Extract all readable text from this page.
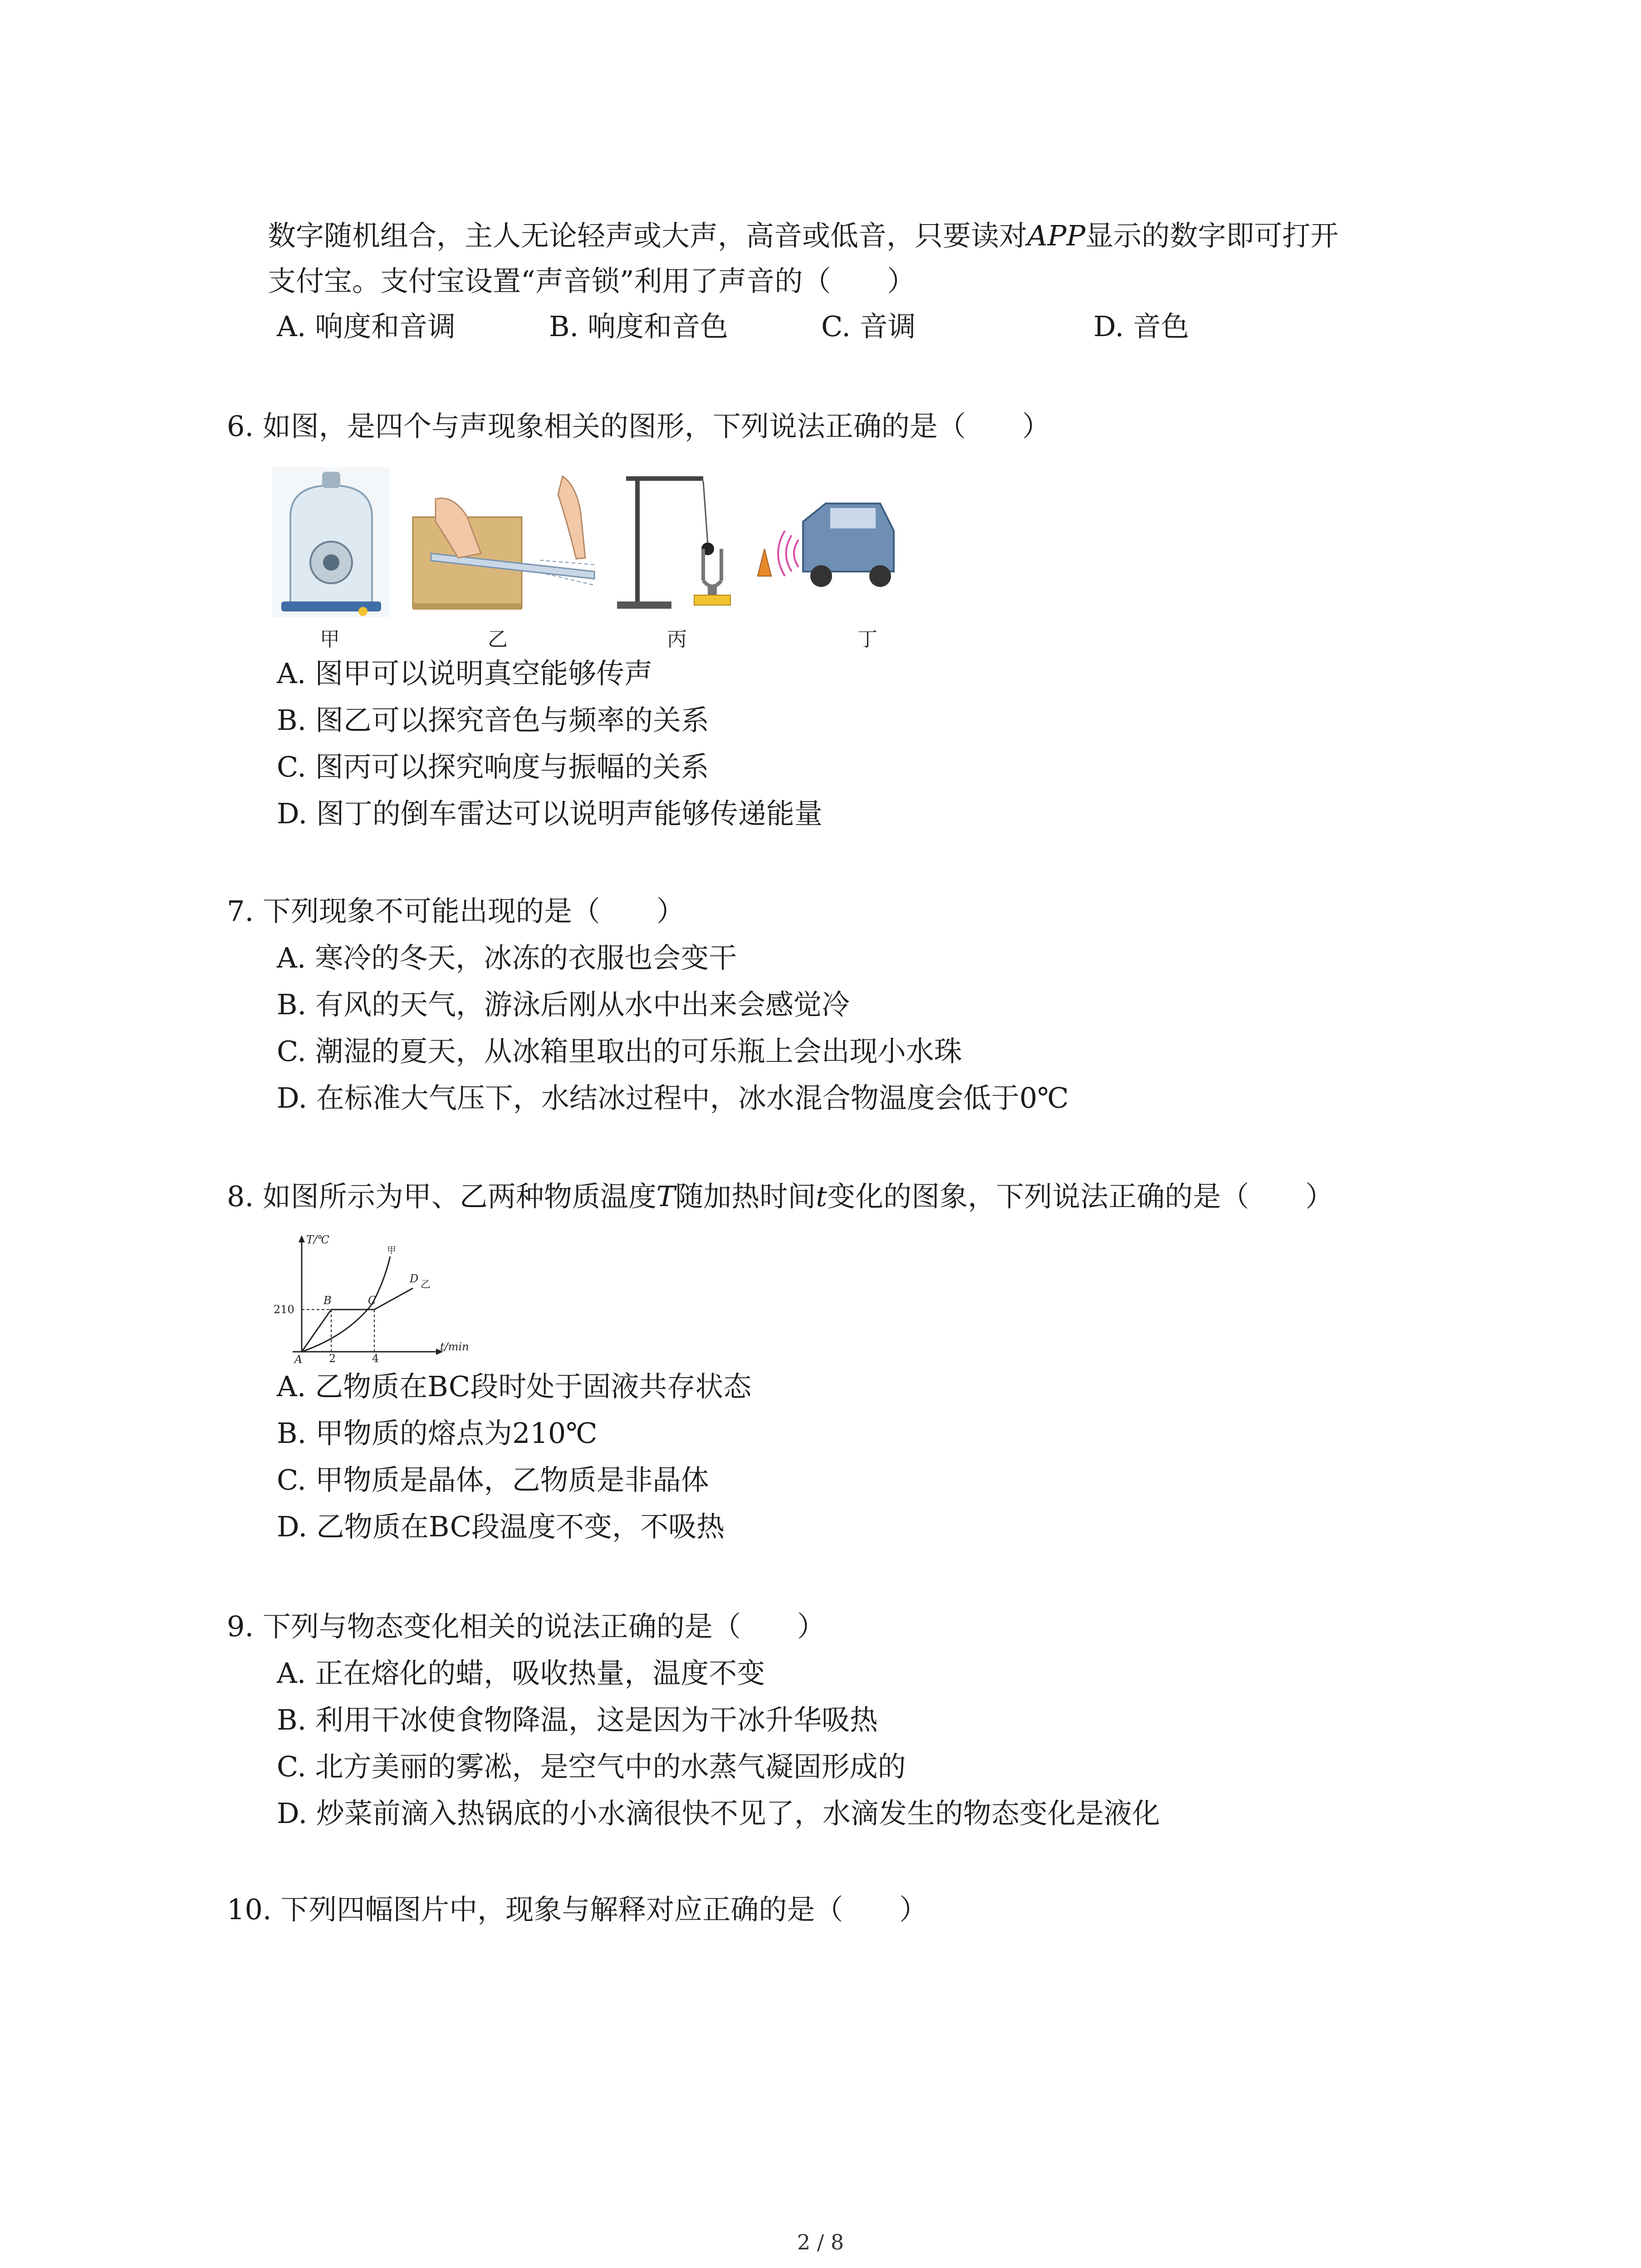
数字随机组合，主人无论轻声或大声，高音或低音，只要读对APP显示的数字即可打开
支付宝。支付宝设置“声音锁”利用了声音的（　　）
A. 响度和音调	B. 响度和音色	C. 音调	D. 音色
6. 如图，是四个与声现象相关的图形，下列说法正确的是（　　）
甲	乙	丙	丁
A. 图甲可以说明真空能够传声
B. 图乙可以探究音色与频率的关系
C. 图丙可以探究响度与振幅的关系
D. 图丁的倒车雷达可以说明声能够传递能量
7. 下列现象不可能出现的是（　　）
A. 寒冷的冬天，冰冻的衣服也会变干
B. 有风的天气，游泳后刚从水中出来会感觉冷
C. 潮湿的夏天，从冰箱里取出的可乐瓶上会出现小水珠
D. 在标准大气压下，水结冰过程中，冰水混合物温度会低于0℃
8. 如图所示为甲、乙两种物质温度T随加热时间t变化的图象，下列说法正确的是（　　）
T/℃
t/min
210
2	4
A
B	C
D
甲
乙
A. 乙物质在BC段时处于固液共存状态
B. 甲物质的熔点为210℃
C. 甲物质是晶体，乙物质是非晶体
D. 乙物质在BC段温度不变，不吸热
9. 下列与物态变化相关的说法正确的是（　　）
A. 正在熔化的蜡，吸收热量，温度不变
B. 利用干冰使食物降温，这是因为干冰升华吸热
C. 北方美丽的雾凇，是空气中的水蒸气凝固形成的
D. 炒菜前滴入热锅底的小水滴很快不见了，水滴发生的物态变化是液化
10. 下列四幅图片中，现象与解释对应正确的是（　　）
2 / 8
